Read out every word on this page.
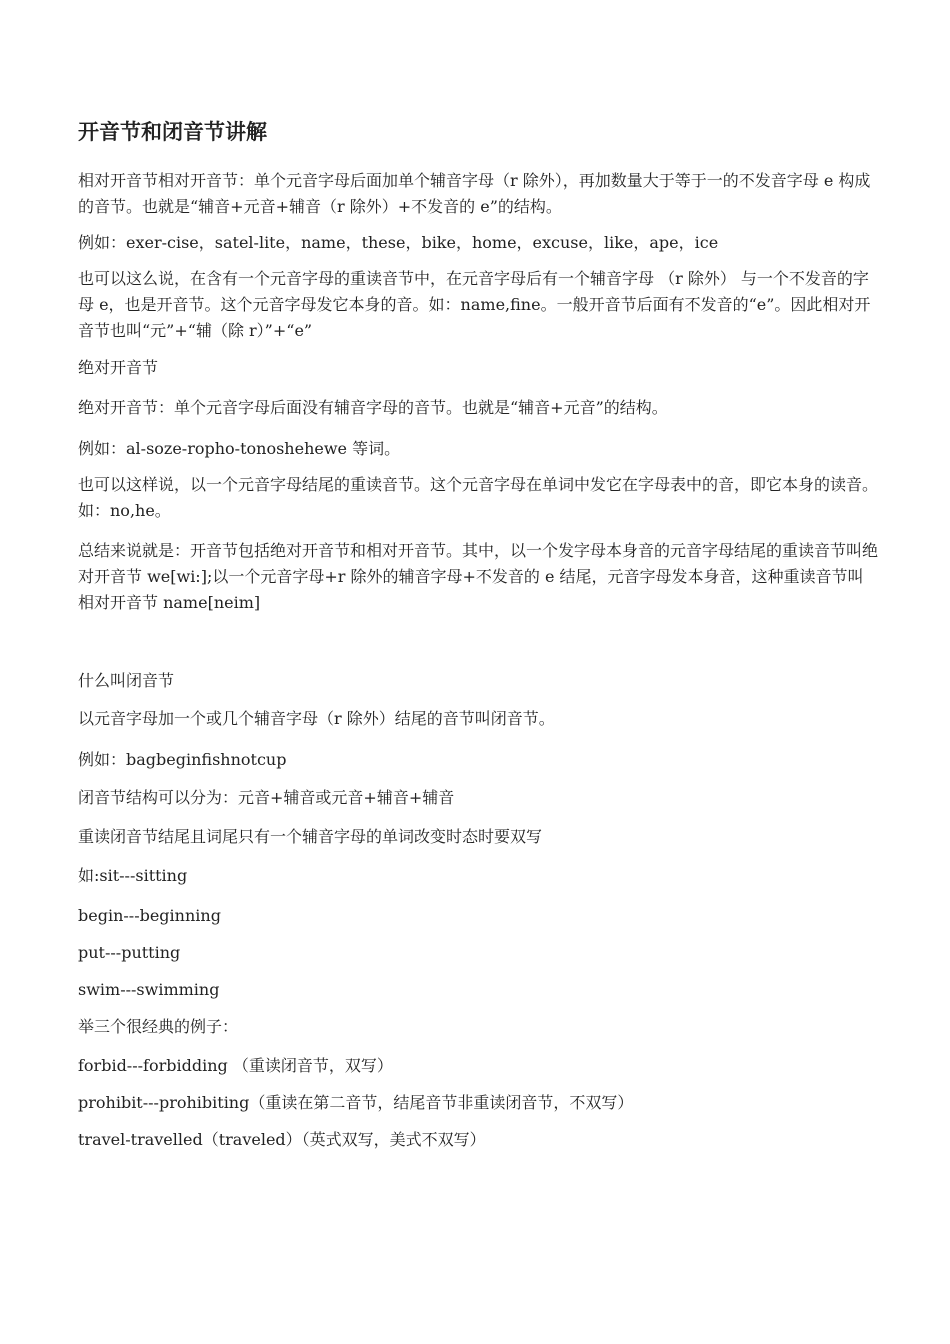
开音节和闭音节讲解

相对开音节相对开音节：单个元音字母后面加单个辅音字母（r 除外），再加数量大于等于一的不发音字母 e 构成的音节。也就是“辅音+元音+辅音（r 除外）+不发音的 e”的结构。

例如：exer-cise，satel-lite，name，these，bike，home，excuse，like，ape，ice

也可以这么说，在含有一个元音字母的重读音节中，在元音字母后有一个辅音字母 （r 除外） 与一个不发音的字母 e，也是开音节。这个元音字母发它本身的音。如：name,fine。一般开音节后面有不发音的“e”。因此相对开音节也叫“元”+“辅（除 r）”+“e”

绝对开音节

绝对开音节：单个元音字母后面没有辅音字母的音节。也就是“辅音+元音”的结构。

例如：al-soze-ropho-tonoshehewe 等词。

也可以这样说，以一个元音字母结尾的重读音节。这个元音字母在单词中发它在字母表中的音，即它本身的读音。如：no,he。

总结来说就是：开音节包括绝对开音节和相对开音节。其中，以一个发字母本身音的元音字母结尾的重读音节叫绝对开音节 we[wi:];以一个元音字母+r 除外的辅音字母+不发音的 e 结尾，元音字母发本身音，这种重读音节叫相对开音节 name[neim]

什么叫闭音节

以元音字母加一个或几个辅音字母（r 除外）结尾的音节叫闭音节。

例如：bagbeginfishnotcup

闭音节结构可以分为：元音+辅音或元音+辅音+辅音

重读闭音节结尾且词尾只有一个辅音字母的单词改变时态时要双写

如:sit---sitting

begin---beginning

put---putting

swim---swimming

举三个很经典的例子：

forbid---forbidding （重读闭音节，双写）

prohibit---prohibiting（重读在第二音节，结尾音节非重读闭音节，不双写）

travel-travelled（traveled）（英式双写，美式不双写）
